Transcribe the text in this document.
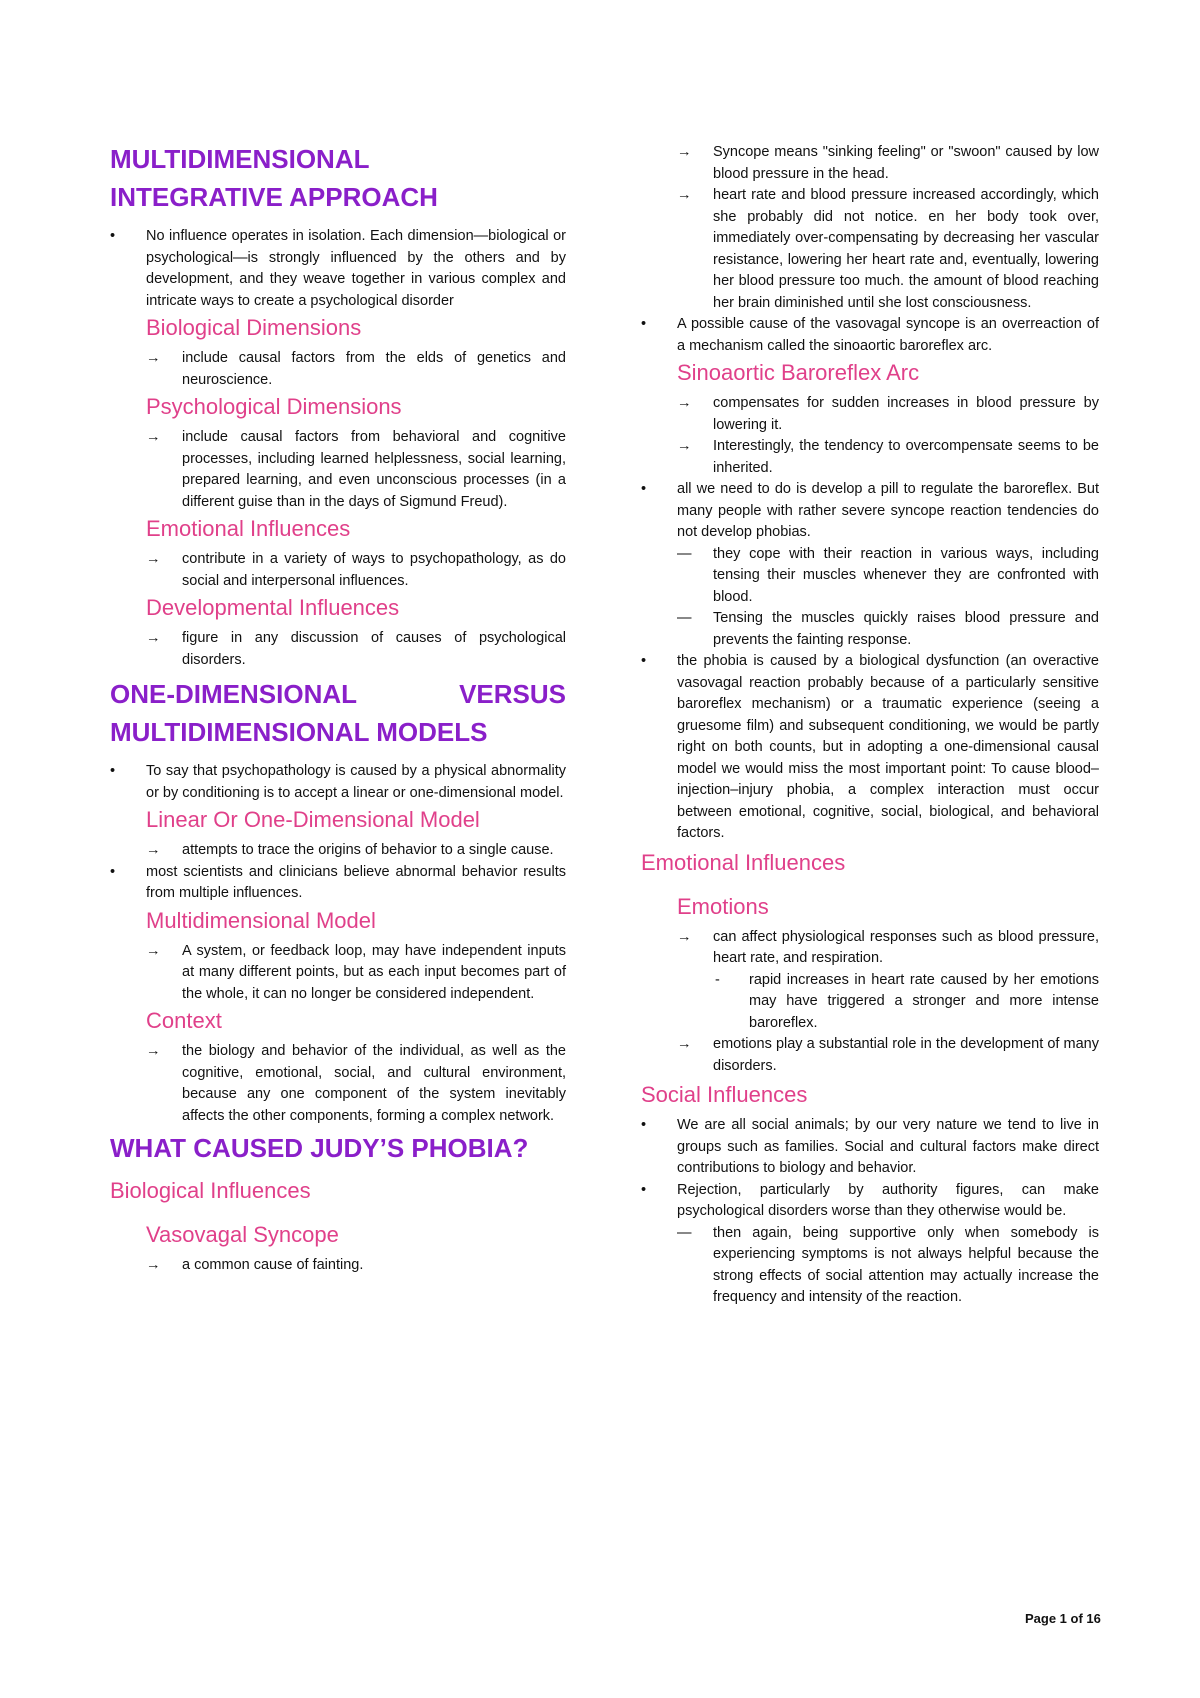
MULTIDIMENSIONAL INTEGRATIVE APPROACH
•	No influence operates in isolation. Each dimension—biological or psychological—is strongly influenced by the others and by development, and they weave together in various complex and intricate ways to create a psychological disorder
Biological Dimensions
→ include causal factors from the elds of genetics and neuroscience.
Psychological Dimensions
→ include causal factors from behavioral and cognitive processes, including learned helplessness, social learning, prepared learning, and even unconscious processes (in a different guise than in the days of Sigmund Freud).
Emotional Influences
→ contribute in a variety of ways to psychopathology, as do social and interpersonal influences.
Developmental Influences
→ figure in any discussion of causes of psychological disorders.
ONE-DIMENSIONAL VERSUS
MULTIDIMENSIONAL MODELS
•	To say that psychopathology is caused by a physical abnormality or by conditioning is to accept a linear or one-dimensional model.
Linear Or One-Dimensional Model
→ attempts to trace the origins of behavior to a single cause.
•	most scientists and clinicians believe abnormal behavior results from multiple influences.
Multidimensional Model
→ A system, or feedback loop, may have independent inputs at many different points, but as each input becomes part of the whole, it can no longer be considered independent.
Context
→ the biology and behavior of the individual, as well as the cognitive, emotional, social, and cultural environment, because any one component of the system inevitably affects the other components, forming a complex network.
WHAT CAUSED JUDY’S PHOBIA?
Biological Influences
Vasovagal Syncope
→ a common cause of fainting.
→ Syncope means "sinking feeling" or "swoon" caused by low blood pressure in the head.
→ heart rate and blood pressure increased accordingly, which she probably did not notice. en her body took over, immediately over-compensating by decreasing her vascular resistance, lowering her heart rate and, eventually, lowering her blood pressure too much. the amount of blood reaching her brain diminished until she lost consciousness.
•	A possible cause of the vasovagal syncope is an overreaction of a mechanism called the sinoaortic baroreflex arc.
Sinoaortic Baroreflex Arc
→ compensates for sudden increases in blood pressure by lowering it.
→ Interestingly, the tendency to overcompensate seems to be inherited.
•	all we need to do is develop a pill to regulate the baroreflex. But many people with rather severe syncope reaction tendencies do not develop phobias.
— they cope with their reaction in various ways, including tensing their muscles whenever they are confronted with blood.
— Tensing the muscles quickly raises blood pressure and prevents the fainting response.
•	the phobia is caused by a biological dysfunction (an overactive vasovagal reaction probably because of a particularly sensitive baroreflex mechanism) or a traumatic experience (seeing a gruesome film) and subsequent conditioning, we would be partly right on both counts, but in adopting a one-dimensional causal model we would miss the most important point: To cause blood–injection–injury phobia, a complex interaction must occur between emotional, cognitive, social, biological, and behavioral factors.
Emotional Influences
Emotions
→ can affect physiological responses such as blood pressure, heart rate, and respiration.
- rapid increases in heart rate caused by her emotions may have triggered a stronger and more intense baroreflex.
→ emotions play a substantial role in the development of many disorders.
Social Influences
•	We are all social animals; by our very nature we tend to live in groups such as families. Social and cultural factors make direct contributions to biology and behavior.
•	Rejection, particularly by authority figures, can make psychological disorders worse than they otherwise would be.
— then again, being supportive only when somebody is experiencing symptoms is not always helpful because the strong effects of social attention may actually increase the frequency and intensity of the reaction.
Page 1 of 16
